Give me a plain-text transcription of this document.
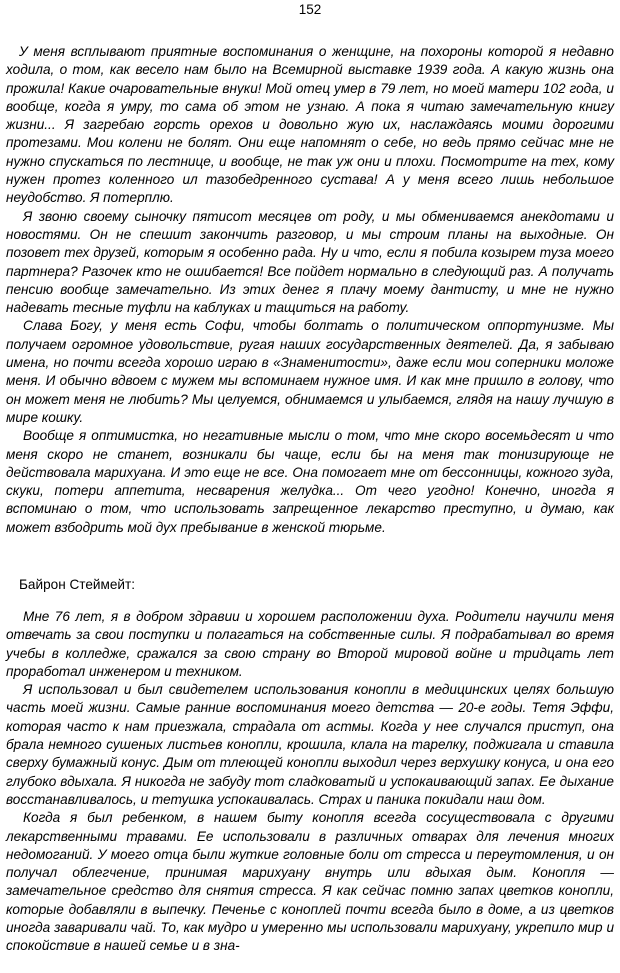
152

У меня всплывают приятные воспоминания о женщине, на похороны которой я недавно ходила, о том, как весело нам было на Всемирной выставке 1939 года. А какую жизнь она прожила! Какие очаровательные внуки! Мой отец умер в 79 лет, но моей матери 102 года, и вообще, когда я умру, то сама об этом не узнаю. А пока я читаю замечательную книгу жизни... Я загребаю горсть орехов и довольно жую их, наслаждаясь моими дорогими протезами. Мои колени не болят. Они еще напомнят о себе, но ведь прямо сейчас мне не нужно спускаться по лестнице, и вообще, не так уж они и плохи. Посмотрите на тех, кому нужен протез коленного ил тазобедренного сустава! А у меня всего лишь небольшое неудобство. Я потерплю.

Я звоню своему сыночку пятисот месяцев от роду, и мы обмениваемся анекдотами и новостями. Он не спешит закончить разговор, и мы строим планы на выходные. Он позовет тех друзей, которым я особенно рада. Ну и что, если я побила козырем туза моего партнера? Разочек кто не ошибается! Все пойдет нормально в следующий раз. А получать пенсию вообще замечательно. Из этих денег я плачу моему дантисту, и мне не нужно надевать тесные туфли на каблуках и тащиться на работу.

Слава Богу, у меня есть Софи, чтобы болтать о политическом оппортунизме. Мы получаем огромное удовольствие, ругая наших государственных деятелей. Да, я забываю имена, но почти всегда хорошо играю в «Знаменитости», даже если мои соперники моложе меня. И обычно вдвоем с мужем мы вспоминаем нужное имя. И как мне пришло в голову, что он может меня не любить? Мы целуемся, обнимаемся и улыбаемся, глядя на нашу лучшую в мире кошку.

Вообще я оптимистка, но негативные мысли о том, что мне скоро восемьдесят и что меня скоро не станет, возникали бы чаще, если бы на меня так тонизирующе не действовала марихуана. И это еще не все. Она помогает мне от бессонницы, кожного зуда, скуки, потери аппетита, несварения желудка... От чего угодно! Конечно, иногда я вспоминаю о том, что использовать запрещенное лекарство преступно, и думаю, как может взбодрить мой дух пребывание в женской тюрьме.

Байрон Стеймейт:

Мне 76 лет, я в добром здравии и хорошем расположении духа. Родители научили меня отвечать за свои поступки и полагаться на собственные силы. Я подрабатывал во время учебы в колледже, сражался за свою страну во Второй мировой войне и тридцать лет проработал инженером и техником.

Я использовал и был свидетелем использования конопли в медицинских целях большую часть моей жизни. Самые ранние воспоминания моего детства — 20-е годы. Тетя Эффи, которая часто к нам приезжала, страдала от астмы. Когда у нее случался приступ, она брала немного сушеных листьев конопли, крошила, клала на тарелку, поджигала и ставила сверху бумажный конус. Дым от тлеющей конопли выходил через верхушку конуса, и она его глубоко вдыхала. Я никогда не забуду тот сладковатый и успокаивающий запах. Ее дыхание восстанавливалось, и тетушка успокаивалась. Страх и паника покидали наш дом.

Когда я был ребенком, в нашем быту конопля всегда сосуществовала с другими лекарственными травами. Ее использовали в различных отварах для лечения многих недомоганий. У моего отца были жуткие головные боли от стресса и переутомления, и он получал облегчение, принимая марихуану внутрь или вдыхая дым. Конопля — замечательное средство для снятия стресса. Я как сейчас помню запах цветков конопли, которые добавляли в выпечку. Печенье с коноплей почти всегда было в доме, а из цветков иногда заваривали чай. То, как мудро и умеренно мы использовали марихуану, укрепило мир и спокойствие в нашей семье и в зна-
